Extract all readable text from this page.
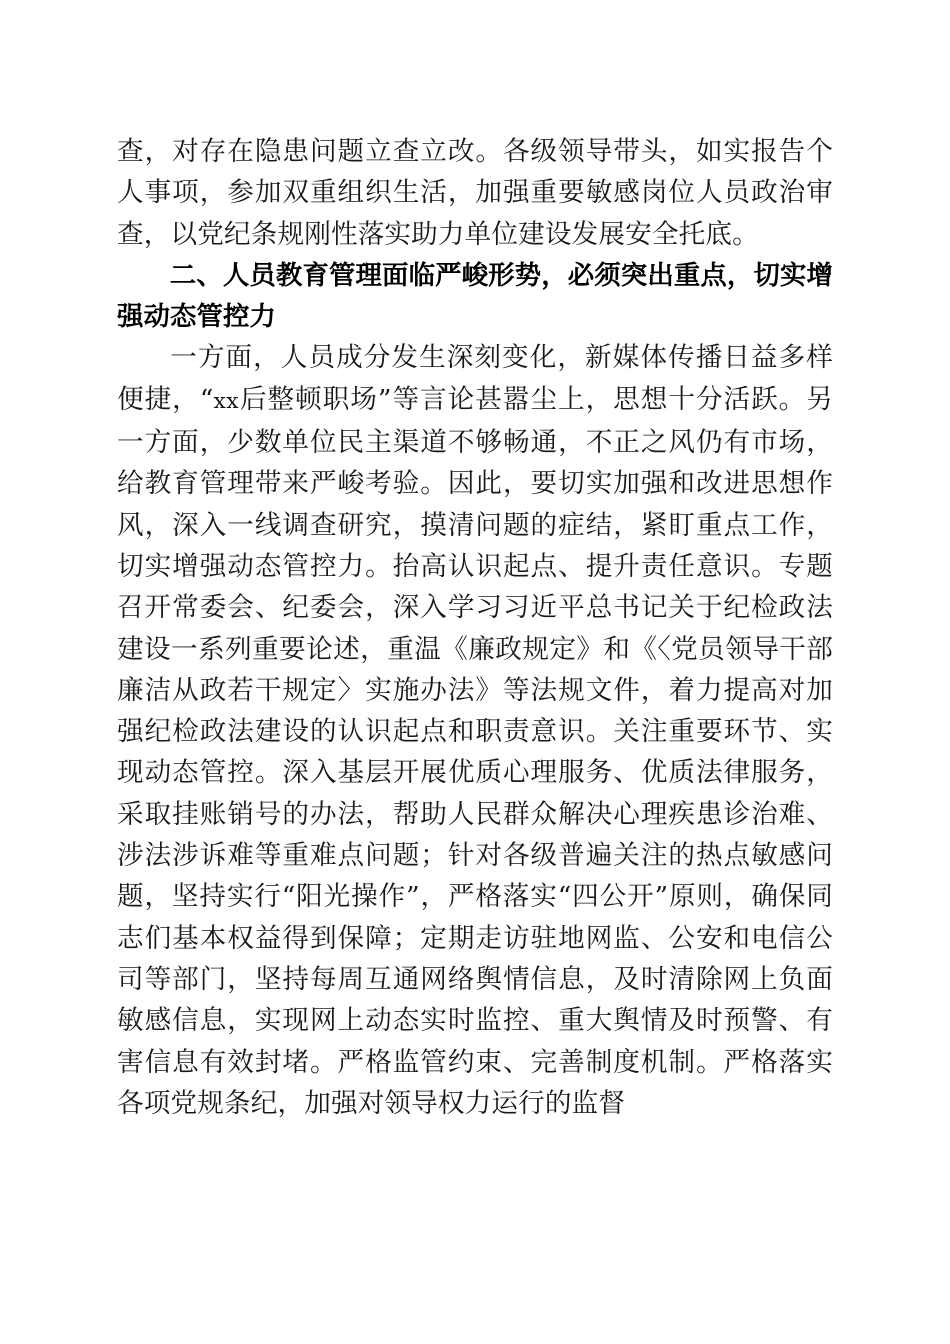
查，对存在隐患问题立查立改。各级领导带头，如实报告个人事项，参加双重组织生活，加强重要敏感岗位人员政治审查，以党纪条规刚性落实助力单位建设发展安全托底。

二、人员教育管理面临严峻形势，必须突出重点，切实增强动态管控力

一方面，人员成分发生深刻变化，新媒体传播日益多样便捷，“xx后整顿职场”等言论甚嚣尘上，思想十分活跃。另一方面，少数单位民主渠道不够畅通，不正之风仍有市场，给教育管理带来严峻考验。因此，要切实加强和改进思想作风，深入一线调查研究，摸清问题的症结，紧盯重点工作，切实增强动态管控力。抬高认识起点、提升责任意识。专题召开常委会、纪委会，深入学习习近平总书记关于纪检政法建设一系列重要论述，重温《廉政规定》和《〈党员领导干部廉洁从政若干规定〉实施办法》等法规文件，着力提高对加强纪检政法建设的认识起点和职责意识。关注重要环节、实现动态管控。深入基层开展优质心理服务、优质法律服务，采取挂账销号的办法，帮助人民群众解决心理疾患诊治难、涉法涉诉难等重难点问题；针对各级普遍关注的热点敏感问题，坚持实行“阳光操作”，严格落实“四公开”原则，确保同志们基本权益得到保障；定期走访驻地网监、公安和电信公司等部门，坚持每周互通网络舆情信息，及时清除网上负面敏感信息，实现网上动态实时监控、重大舆情及时预警、有害信息有效封堵。严格监管约束、完善制度机制。严格落实各项党规条纪，加强对领导权力运行的监督
